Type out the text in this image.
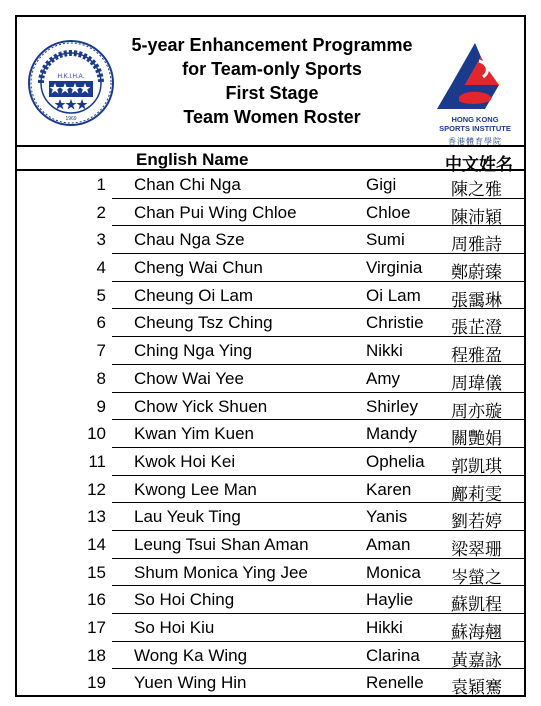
H.K.I.H.A.
1969
5-year Enhancement Programme
for Team-only Sports
First Stage
Team Women Roster	HONG KONG
SPORTS INSTITUTE
香港體育學院
English Name	中文姓名
1 Chan Chi Nga	Gigi	陳之雅
2 Chan Pui Wing Chloe	Chloe 陳沛穎
3 Chau Nga Sze	Sumi	周雅詩
4 Cheng Wai Chun	Virginia 鄭蔚臻
5 Cheung Oi Lam	Oi Lam 張靄琳
6 Cheung Tsz Ching	Christie 張芷澄
7 Ching Nga Ying	Nikki	程雅盈
8 Chow Wai Yee	Amy	周瑋儀
9 Chow Yick Shuen	Shirley 周亦璇
10 Kwan Yim Kuen	Mandy 關艷娟
11 Kwok Hoi Kei	Ophelia 郭凱琪
12 Kwong Lee Man	Karen 鄺莉雯
13 Lau Yeuk Ting	Yanis	劉若婷
14 Leung Tsui Shan Aman	Aman 梁翠珊
15 Shum Monica Ying Jee	Monica 岑螢之
16 So Hoi Ching	Haylie 蘇凱程
17 So Hoi Kiu	Hikki	蘇海翹
18 Wong Ka Wing	Clarina 黃嘉詠
19 Yuen Wing Hin	Renelle 袁穎騫
